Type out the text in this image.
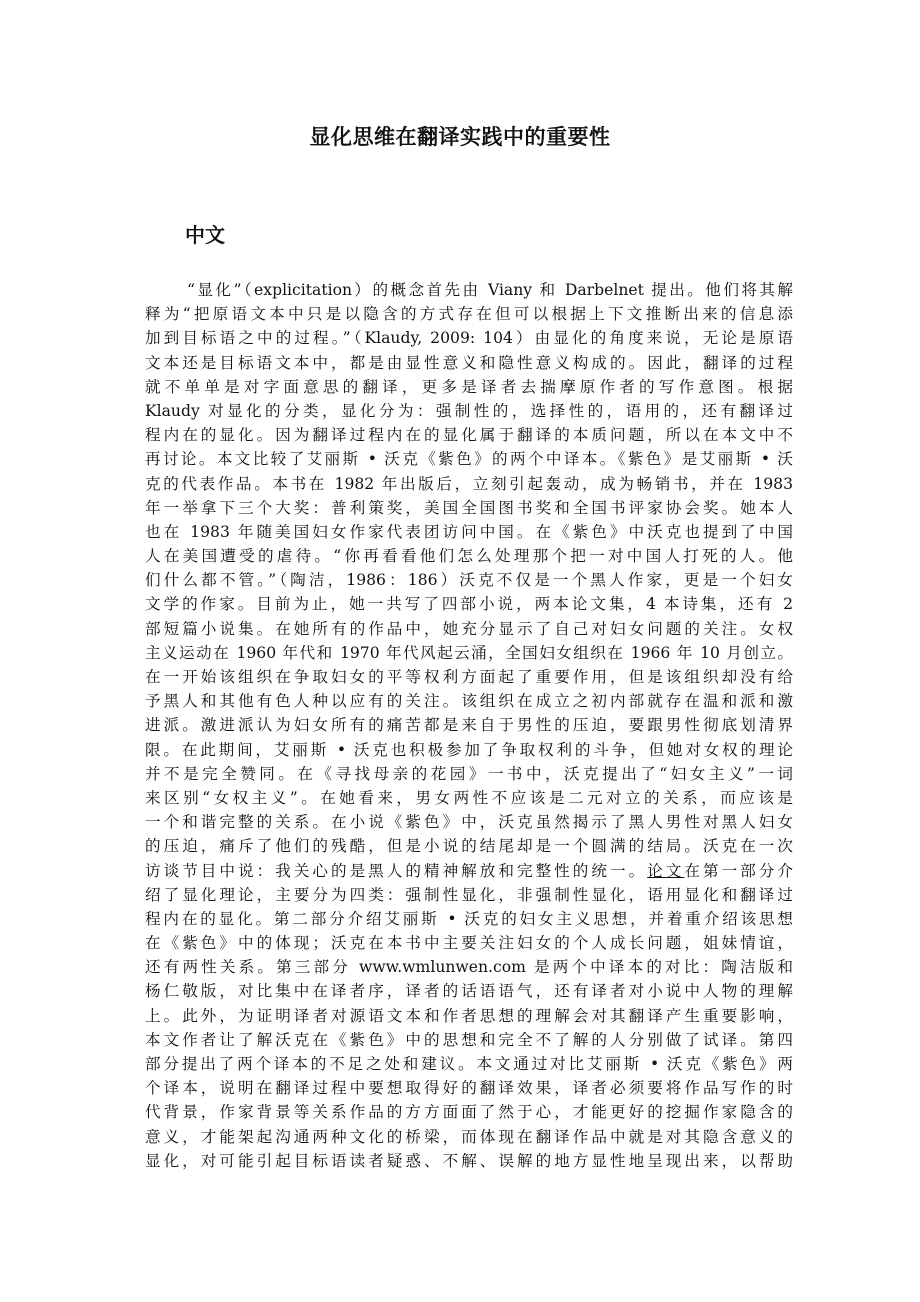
显化思维在翻译实践中的重要性
中文
“显化”（explicitation）的概念首先由 Viany 和 Darbelnet 提出。他们将其解
释为“把原语文本中只是以隐含的方式存在但可以根据上下文推断出来的信息添
加到目标语之中的过程。”（Klaudy, 2009: 104）由显化的角度来说，无论是原语
文本还是目标语文本中，都是由显性意义和隐性意义构成的。因此，翻译的过程
就不单单是对字面意思的翻译，更多是译者去揣摩原作者的写作意图。根据
Klaudy 对显化的分类，显化分为：强制性的，选择性的，语用的，还有翻译过
程内在的显化。因为翻译过程内在的显化属于翻译的本质问题，所以在本文中不
再讨论。本文比较了艾丽斯 • 沃克《紫色》的两个中译本。《紫色》是艾丽斯 • 沃
克的代表作品。本书在 1982 年出版后，立刻引起轰动，成为畅销书，并在 1983
年一举拿下三个大奖：普利策奖，美国全国图书奖和全国书评家协会奖。她本人
也在 1983 年随美国妇女作家代表团访问中国。在《紫色》中沃克也提到了中国
人在美国遭受的虐待。“你再看看他们怎么处理那个把一对中国人打死的人。他
们什么都不管。”（陶洁，1986：186）沃克不仅是一个黑人作家，更是一个妇女
文学的作家。目前为止，她一共写了四部小说，两本论文集，4 本诗集，还有 2
部短篇小说集。在她所有的作品中，她充分显示了自己对妇女问题的关注。女权
主义运动在 1960 年代和 1970 年代风起云涌，全国妇女组织在 1966 年 10 月创立。
在一开始该组织在争取妇女的平等权利方面起了重要作用，但是该组织却没有给
予黑人和其他有色人种以应有的关注。该组织在成立之初内部就存在温和派和激
进派。激进派认为妇女所有的痛苦都是来自于男性的压迫，要跟男性彻底划清界
限。在此期间，艾丽斯 • 沃克也积极参加了争取权利的斗争，但她对女权的理论
并不是完全赞同。在《寻找母亲的花园》一书中，沃克提出了“妇女主义”一词
来区别“女权主义”。在她看来，男女两性不应该是二元对立的关系，而应该是
一个和谐完整的关系。在小说《紫色》中，沃克虽然揭示了黑人男性对黑人妇女
的压迫，痛斥了他们的残酷，但是小说的结尾却是一个圆满的结局。沃克在一次
访谈节目中说：我关心的是黑人的精神解放和完整性的统一。论文在第一部分介
绍了显化理论，主要分为四类：强制性显化，非强制性显化，语用显化和翻译过
程内在的显化。第二部分介绍艾丽斯 • 沃克的妇女主义思想，并着重介绍该思想
在《紫色》中的体现；沃克在本书中主要关注妇女的个人成长问题，姐妹情谊，
还有两性关系。第三部分 www.wmlunwen.com 是两个中译本的对比：陶洁版和
杨仁敬版，对比集中在译者序，译者的话语语气，还有译者对小说中人物的理解
上。此外，为证明译者对源语文本和作者思想的理解会对其翻译产生重要影响，
本文作者让了解沃克在《紫色》中的思想和完全不了解的人分别做了试译。第四
部分提出了两个译本的不足之处和建议。本文通过对比艾丽斯 • 沃克《紫色》两
个译本，说明在翻译过程中要想取得好的翻译效果，译者必须要将作品写作的时
代背景，作家背景等关系作品的方方面面了然于心，才能更好的挖掘作家隐含的
意义，才能架起沟通两种文化的桥梁，而体现在翻译作品中就是对其隐含意义的
显化，对可能引起目标语读者疑惑、不解、误解的地方显性地呈现出来，以帮助
